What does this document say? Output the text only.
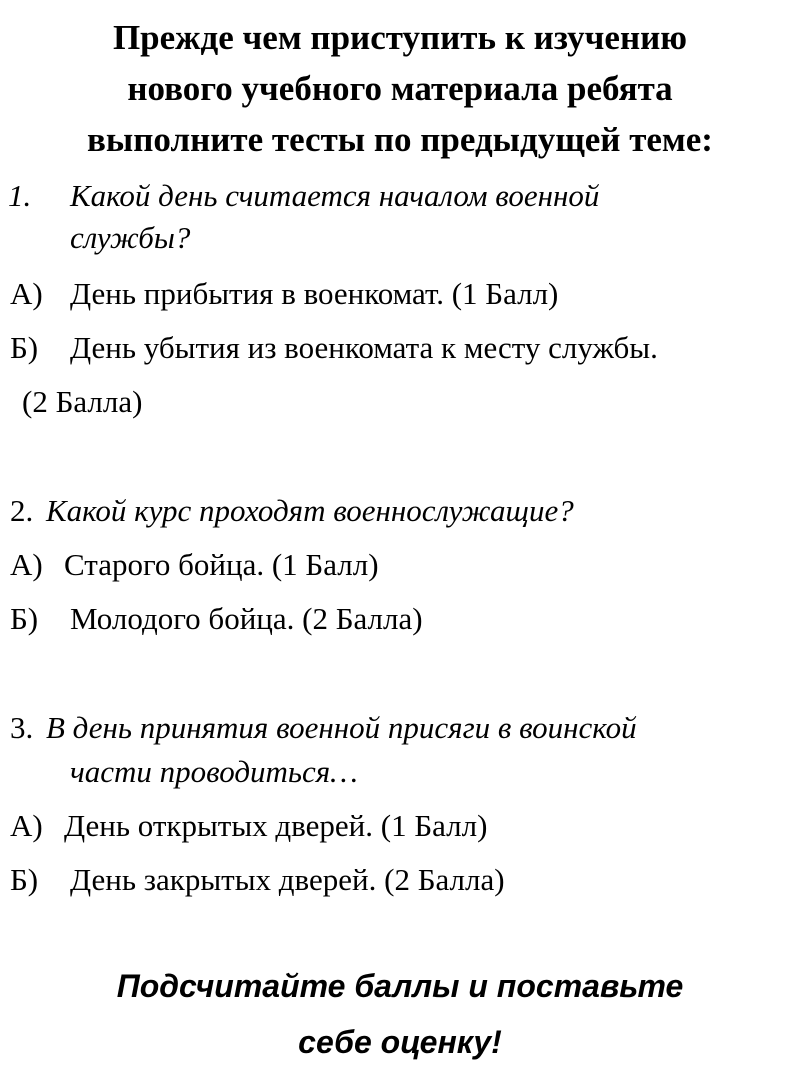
Прежде чем приступить к изучению
нового учебного материала ребята
выполните тесты по предыдущей теме:
1. Какой день считается началом военной
службы?
А) День прибытия в военкомат. (1 Балл)
Б) День убытия из военкомата к месту службы.
(2 Балла)
2. Какой курс проходят военнослужащие?
А) Старого бойца. (1 Балл)
Б) Молодого бойца. (2 Балла)
3. В день принятия военной присяги в воинской
части проводиться…
А) День открытых дверей. (1 Балл)
Б) День закрытых дверей. (2 Балла)
Подсчитайте баллы и поставьте
себе оценку!
